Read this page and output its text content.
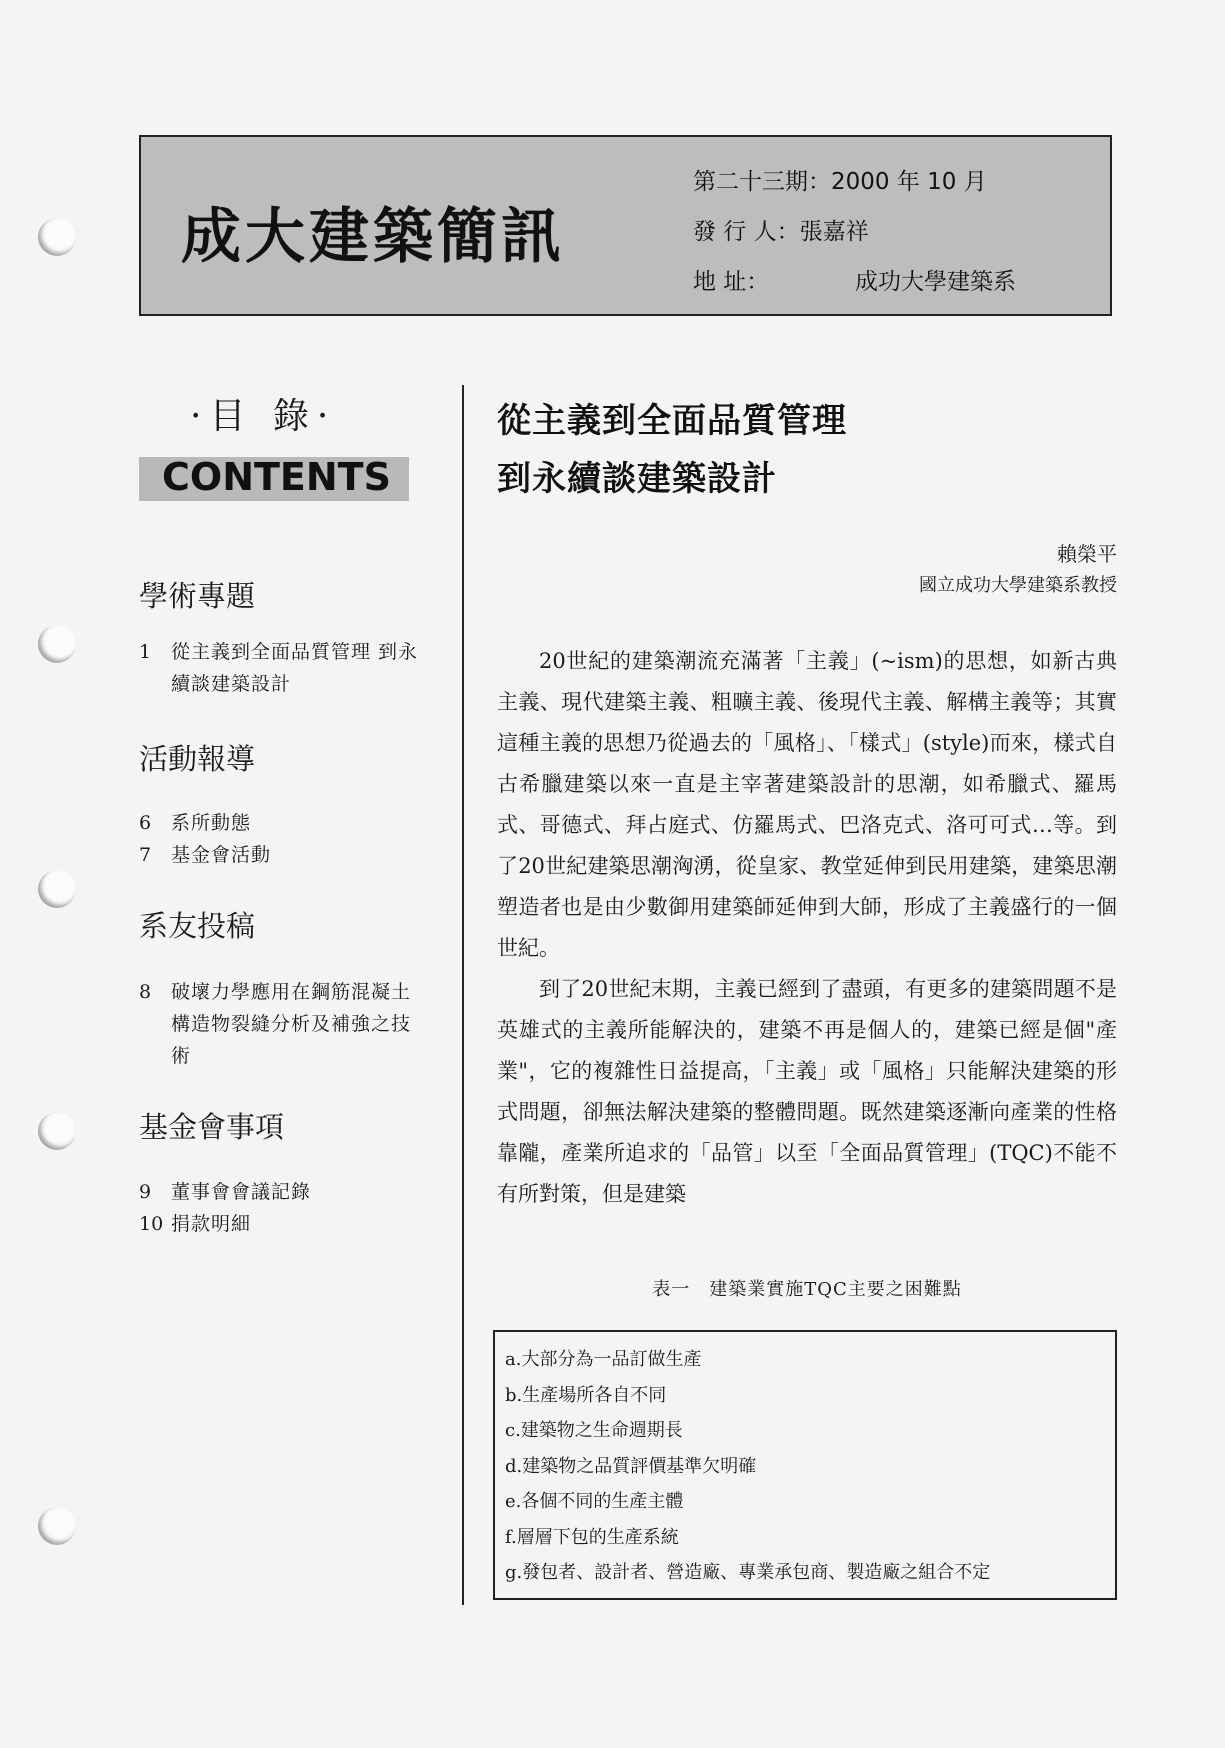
成大建築簡訊
第二十三期： 2000 年 10 月
發 行 人： 張嘉祥
地 址：	成功大學建築系
·目 錄·
CONTENTS
學術專題
1	從主義到全面品質管理 到永續談建築設計
活動報導
6	系所動態
7	基金會活動
系友投稿
8	破壞力學應用在鋼筋混凝土構造物裂縫分析及補強之技術
基金會事項
9	董事會會議記錄
10 捐款明細
從主義到全面品質管理
到永續談建築設計
賴榮平
國立成功大學建築系教授

20世紀的建築潮流充滿著「主義」(~ism)的思想，如新古典主義、現代建築主義、粗曠主義、後現代主義、解構主義等；其實這種主義的思想乃從過去的「風格」、「樣式」(style)而來，樣式自古希臘建築以來一直是主宰著建築設計的思潮，如希臘式、羅馬式、哥德式、拜占庭式、仿羅馬式、巴洛克式、洛可可式…等。到了20世紀建築思潮洶湧，從皇家、教堂延伸到民用建築，建築思潮塑造者也是由少數御用建築師延伸到大師，形成了主義盛行的一個世紀。

到了20世紀末期，主義已經到了盡頭，有更多的建築問題不是英雄式的主義所能解決的，建築不再是個人的，建築已經是個"產業"，它的複雜性日益提高，「主義」或「風格」只能解決建築的形式問題，卻無法解決建築的整體問題。既然建築逐漸向產業的性格靠隴，產業所追求的「品管」以至「全面品質管理」(TQC)不能不有所對策，但是建築

表一　建築業實施TQC主要之困難點
a.大部分為一品訂做生產
b.生產場所各自不同
c.建築物之生命週期長
d.建築物之品質評價基準欠明確
e.各個不同的生產主體
f.層層下包的生產系統
g.發包者、設計者、營造廠、專業承包商、製造廠之組合不定
